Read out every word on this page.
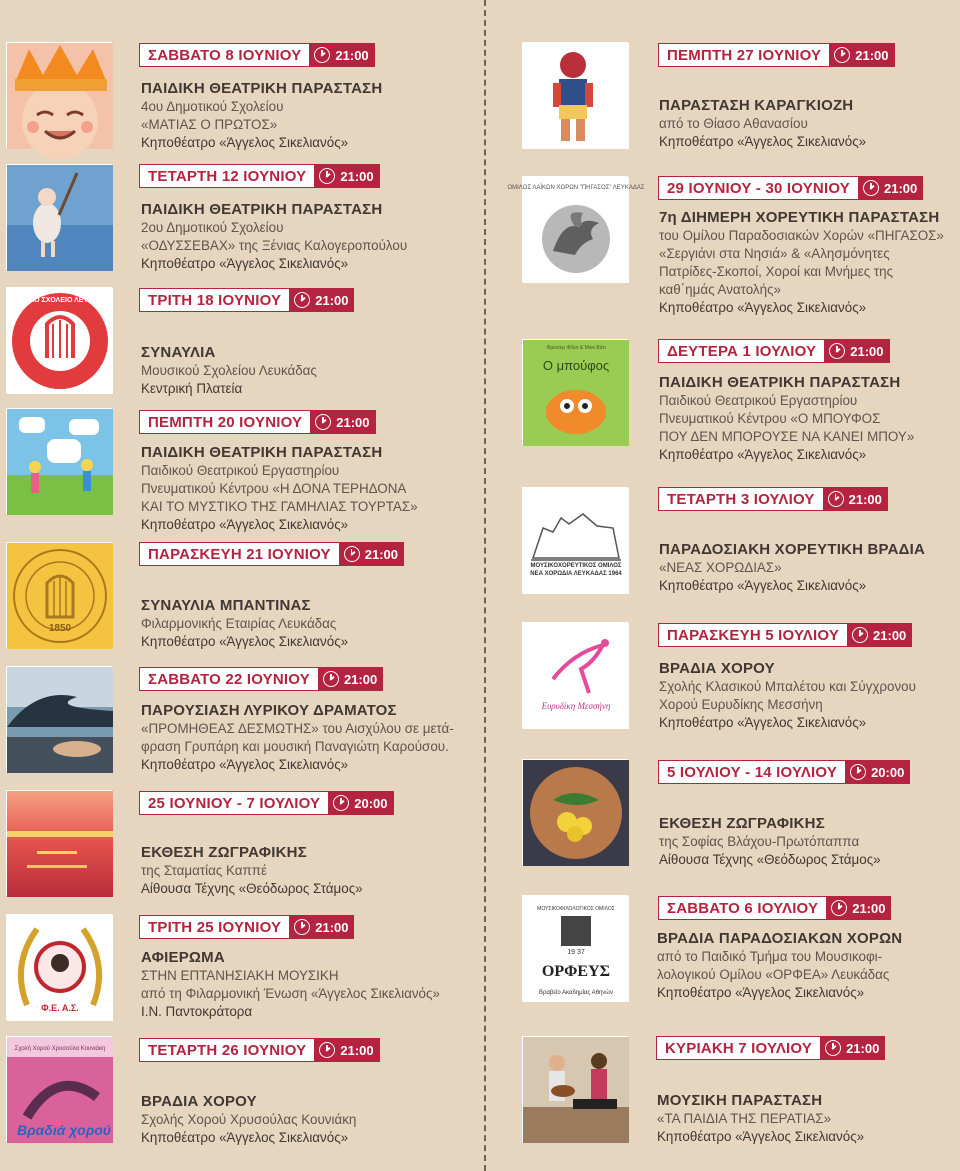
ΜΟΥΣΙΚΟ ΣΧΟΛΕΙΟ ΛΕΥΚΑΔΑΣ
1850
Φ.Ε. Α.Σ.
Σχολή Χορού Χρυσούλα Κουνιάκη
Βραδιά χορού
ΟΜΙΛΟΣ ΛΑΪΚΩΝ ΧΟΡΩΝ "ΠΗΓΑΣΟΣ" ΛΕΥΚΑΔΑΣ
Φρεντερ Φίλιπ & Μινκ Βάτι
Ο μπούφος
ΜΟΥΣΙΚΟΧΟΡΕΥΤΙΚΟΣ ΟΜΙΛΟΣ ΝΕΑ ΧΟΡΩΔΙΑ ΛΕΥΚΑΔΑΣ 1964
Ευρυδίκη Μεσσήνη
ΜΟΥΣΙΚΟΦΙΛΟΛΟΓΙΚΟΣ ΟΜΙΛΟΣ
19 37
ΟΡΦΕΥΣ
Βραβείο Ακαδημίας Αθηνών
ΣΑΒΒΑΤΟ 8 ΙΟΥΝΙΟΥ	21:00
ΠΑΙΔΙΚΗ ΘΕΑΤΡΙΚΗ ΠΑΡΑΣΤΑΣΗ
4ου Δημοτικού Σχολείου
«ΜΑΤΙΑΣ Ο ΠΡΩΤΟΣ»
Κηποθέατρο «Άγγελος Σικελιανός»
ΤΕΤΑΡΤΗ 12 ΙΟΥΝΙΟΥ	21:00
ΠΑΙΔΙΚΗ ΘΕΑΤΡΙΚΗ ΠΑΡΑΣΤΑΣΗ
2ου Δημοτικού Σχολείου
«ΟΔΥΣΣΕΒΑΧ» της Ξένιας Καλογεροπούλου
Κηποθέατρο «Άγγελος Σικελιανός»
ΤΡΙΤΗ 18 ΙΟΥΝΙΟΥ	21:00
ΣΥΝΑΥΛΙΑ
Μουσικού Σχολείου Λευκάδας
Κεντρική Πλατεία
ΠΕΜΠΤΗ 20 ΙΟΥΝΙΟΥ	21:00
ΠΑΙΔΙΚΗ ΘΕΑΤΡΙΚΗ ΠΑΡΑΣΤΑΣΗ
Παιδικού Θεατρικού Εργαστηρίου
Πνευματικού Κέντρου «Η ΔΟΝΑ ΤΕΡΗΔΟΝΑ
ΚΑΙ ΤΟ ΜΥΣΤΙΚΟ ΤΗΣ ΓΑΜΗΛΙΑΣ ΤΟΥΡΤΑΣ»
Κηποθέατρο «Άγγελος Σικελιανός»
ΠΑΡΑΣΚΕΥΗ 21 ΙΟΥΝΙΟΥ	21:00
ΣΥΝΑΥΛΙΑ ΜΠΑΝΤΙΝΑΣ
Φιλαρμονικής Εταιρίας Λευκάδας
Κηποθέατρο «Άγγελος Σικελιανός»
ΣΑΒΒΑΤΟ 22 ΙΟΥΝΙΟΥ	21:00
ΠΑΡΟΥΣΙΑΣΗ ΛΥΡΙΚΟΥ ΔΡΑΜΑΤΟΣ
«ΠΡΟΜΗΘΕΑΣ ΔΕΣΜΩΤΗΣ» του Αισχύλου σε μετά-
φραση Γρυπάρη και μουσική Παναγιώτη Καρούσου.
Κηποθέατρο «Άγγελος Σικελιανός»
25 ΙΟΥΝΙΟΥ - 7 ΙΟΥΛΙΟΥ	20:00
ΕΚΘΕΣΗ ΖΩΓΡΑΦΙΚΗΣ
της Σταματίας Καππέ
Αίθουσα Τέχνης «Θεόδωρος Στάμος»
ΤΡΙΤΗ 25 ΙΟΥΝΙΟΥ	21:00
ΑΦΙΕΡΩΜΑ
ΣΤΗΝ ΕΠΤΑΝΗΣΙΑΚΗ ΜΟΥΣΙΚΗ
από τη Φιλαρμονική Ένωση «Άγγελος Σικελιανός»
Ι.Ν. Παντοκράτορα
ΤΕΤΑΡΤΗ 26 ΙΟΥΝΙΟΥ	21:00
ΒΡΑΔΙΑ ΧΟΡΟΥ
Σχολής Χορού Χρυσούλας Κουνιάκη
Κηποθέατρο «Άγγελος Σικελιανός»
ΠΕΜΠΤΗ 27 ΙΟΥΝΙΟΥ	21:00
ΠΑΡΑΣΤΑΣΗ ΚΑΡΑΓΚΙΟΖΗ
από το Θίασο Αθανασίου
Κηποθέατρο «Άγγελος Σικελιανός»
29 ΙΟΥΝΙΟΥ - 30 ΙΟΥΝΙΟΥ	21:00
7η ΔΙΗΜΕΡΗ ΧΟΡΕΥΤΙΚΗ ΠΑΡΑΣΤΑΣΗ
του Ομίλου Παραδοσιακών Χορών «ΠΗΓΑΣΟΣ»
«Σεργιάνι στα Νησιά» & «Αλησμόνητες
Πατρίδες-Σκοποί, Χοροί και Μνήμες της
καθ΄ημάς Ανατολής»
Κηποθέατρο «Άγγελος Σικελιανός»
ΔΕΥΤΕΡΑ 1 ΙΟΥΛΙΟΥ	21:00
ΠΑΙΔΙΚΗ ΘΕΑΤΡΙΚΗ ΠΑΡΑΣΤΑΣΗ
Παιδικού Θεατρικού Εργαστηρίου
Πνευματικού Κέντρου «Ο ΜΠΟΥΦΟΣ
ΠΟΥ ΔΕΝ ΜΠΟΡΟΥΣΕ ΝΑ ΚΑΝΕΙ ΜΠΟΥ»
Κηποθέατρο «Άγγελος Σικελιανός»
ΤΕΤΑΡΤΗ 3 ΙΟΥΛΙΟΥ	21:00
ΠΑΡΑΔΟΣΙΑΚΗ ΧΟΡΕΥΤΙΚΗ ΒΡΑΔΙΑ
«ΝΕΑΣ ΧΟΡΩΔΙΑΣ»
Κηποθέατρο «Άγγελος Σικελιανός»
ΠΑΡΑΣΚΕΥΗ 5 ΙΟΥΛΙΟΥ	21:00
ΒΡΑΔΙΑ ΧΟΡΟΥ
Σχολής Κλασικού Μπαλέτου και Σύγχρονου
Χορού Ευρυδίκης Μεσσήνη
Κηποθέατρο «Άγγελος Σικελιανός»
5 ΙΟΥΛΙΟΥ - 14 ΙΟΥΛΙΟΥ	20:00
ΕΚΘΕΣΗ ΖΩΓΡΑΦΙΚΗΣ
της Σοφίας Βλάχου-Πρωτόπαππα
Αίθουσα Τέχνης «Θεόδωρος Στάμος»
ΣΑΒΒΑΤΟ 6 ΙΟΥΛΙΟΥ	21:00
ΒΡΑΔΙΑ ΠΑΡΑΔΟΣΙΑΚΩΝ ΧΟΡΩΝ
από το Παιδικό Τμήμα του Μουσικοφι-
λολογικού Ομίλου «ΟΡΦΕΑ» Λευκάδας
Κηποθέατρο «Άγγελος Σικελιανός»
ΚΥΡΙΑΚΗ 7 ΙΟΥΛΙΟΥ	21:00
ΜΟΥΣΙΚΗ ΠΑΡΑΣΤΑΣΗ
«ΤΑ ΠΑΙΔΙΑ ΤΗΣ ΠΕΡΑΤΙΑΣ»
Κηποθέατρο «Άγγελος Σικελιανός»
